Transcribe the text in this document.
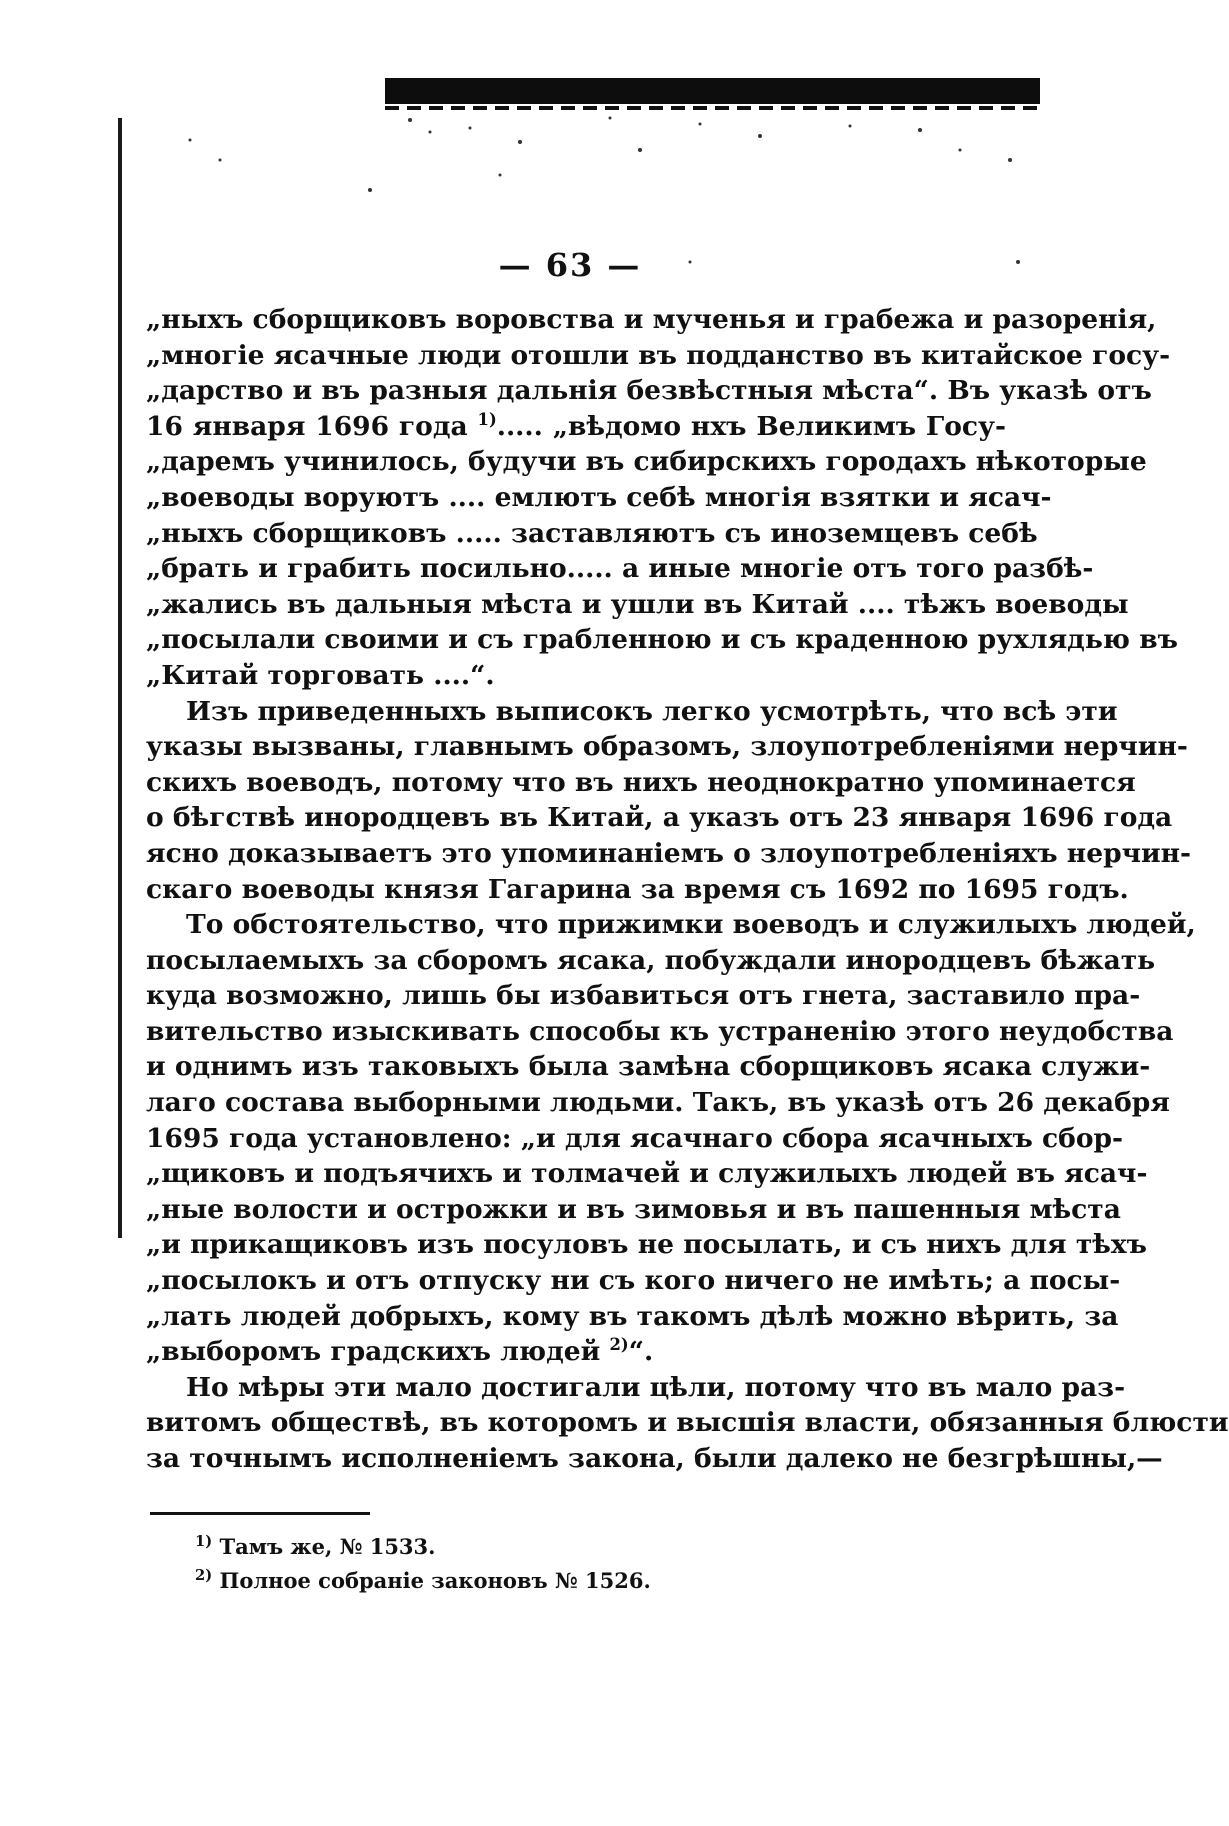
— 63 —
„ныхъ сборщиковъ воровства и мученья и грабежа и разоренія,
„многіе ясачные люди отошли въ подданство въ китайское госу-
„дарство и въ разныя дальнія безвѣстныя мѣста“. Въ указѣ отъ
16 января 1696 года $^{1)}$..... „вѣдомо нхъ Великимъ Госу-
„даремъ учинилось, будучи въ сибирскихъ городахъ нѣкоторые
„воеводы воруютъ .... емлютъ себѣ многія взятки и ясач-
„ныхъ сборщиковъ ..... заставляютъ съ иноземцевъ себѣ
„брать и грабить посильно..... а иные многіе отъ того разбѣ-
„жались въ дальныя мѣста и ушли въ Китай .... тѣжъ воеводы
„посылали своими и съ грабленною и съ краденною рухлядью въ
„Китай торговать ....“.
Изъ приведенныхъ выписокъ легко усмотрѣть, что всѣ эти
указы вызваны, главнымъ образомъ, злоупотребленіями нерчин-
скихъ воеводъ, потому что въ нихъ неоднократно упоминается
о бѣгствѣ инородцевъ въ Китай, а указъ отъ 23 января 1696 года
ясно доказываетъ это упоминаніемъ о злоупотребленіяхъ нерчин-
скаго воеводы князя Гагарина за время съ 1692 по 1695 годъ.
То обстоятельство, что прижимки воеводъ и служилыхъ людей,
посылаемыхъ за сборомъ ясака, побуждали инородцевъ бѣжать
куда возможно, лишь бы избавиться отъ гнета, заставило пра-
вительство изыскивать способы къ устраненію этого неудобства
и однимъ изъ таковыхъ была замѣна сборщиковъ ясака служи-
лаго состава выборными людьми. Такъ, въ указѣ отъ 26 декабря
1695 года установлено: „и для ясачнаго сбора ясачныхъ сбор-
„щиковъ и подъячихъ и толмачей и служилыхъ людей въ ясач-
„ные волости и острожки и въ зимовья и въ пашенныя мѣста
„и прикащиковъ изъ посуловъ не посылать, и съ нихъ для тѣхъ
„посылокъ и отъ отпуску ни съ кого ничего не имѣть; а посы-
„лать людей добрыхъ, кому въ такомъ дѣлѣ можно вѣрить, за
„выборомъ градскихъ людей $^{2)}$“.
Но мѣры эти мало достигали цѣли, потому что въ мало раз-
витомъ обществѣ, въ которомъ и высшія власти, обязанныя блюсти
за точнымъ исполненіемъ закона, были далеко не безгрѣшны,—
$^{1)}$ Тамъ же, № 1533.
$^{2)}$ Полное собраніе законовъ № 1526.
